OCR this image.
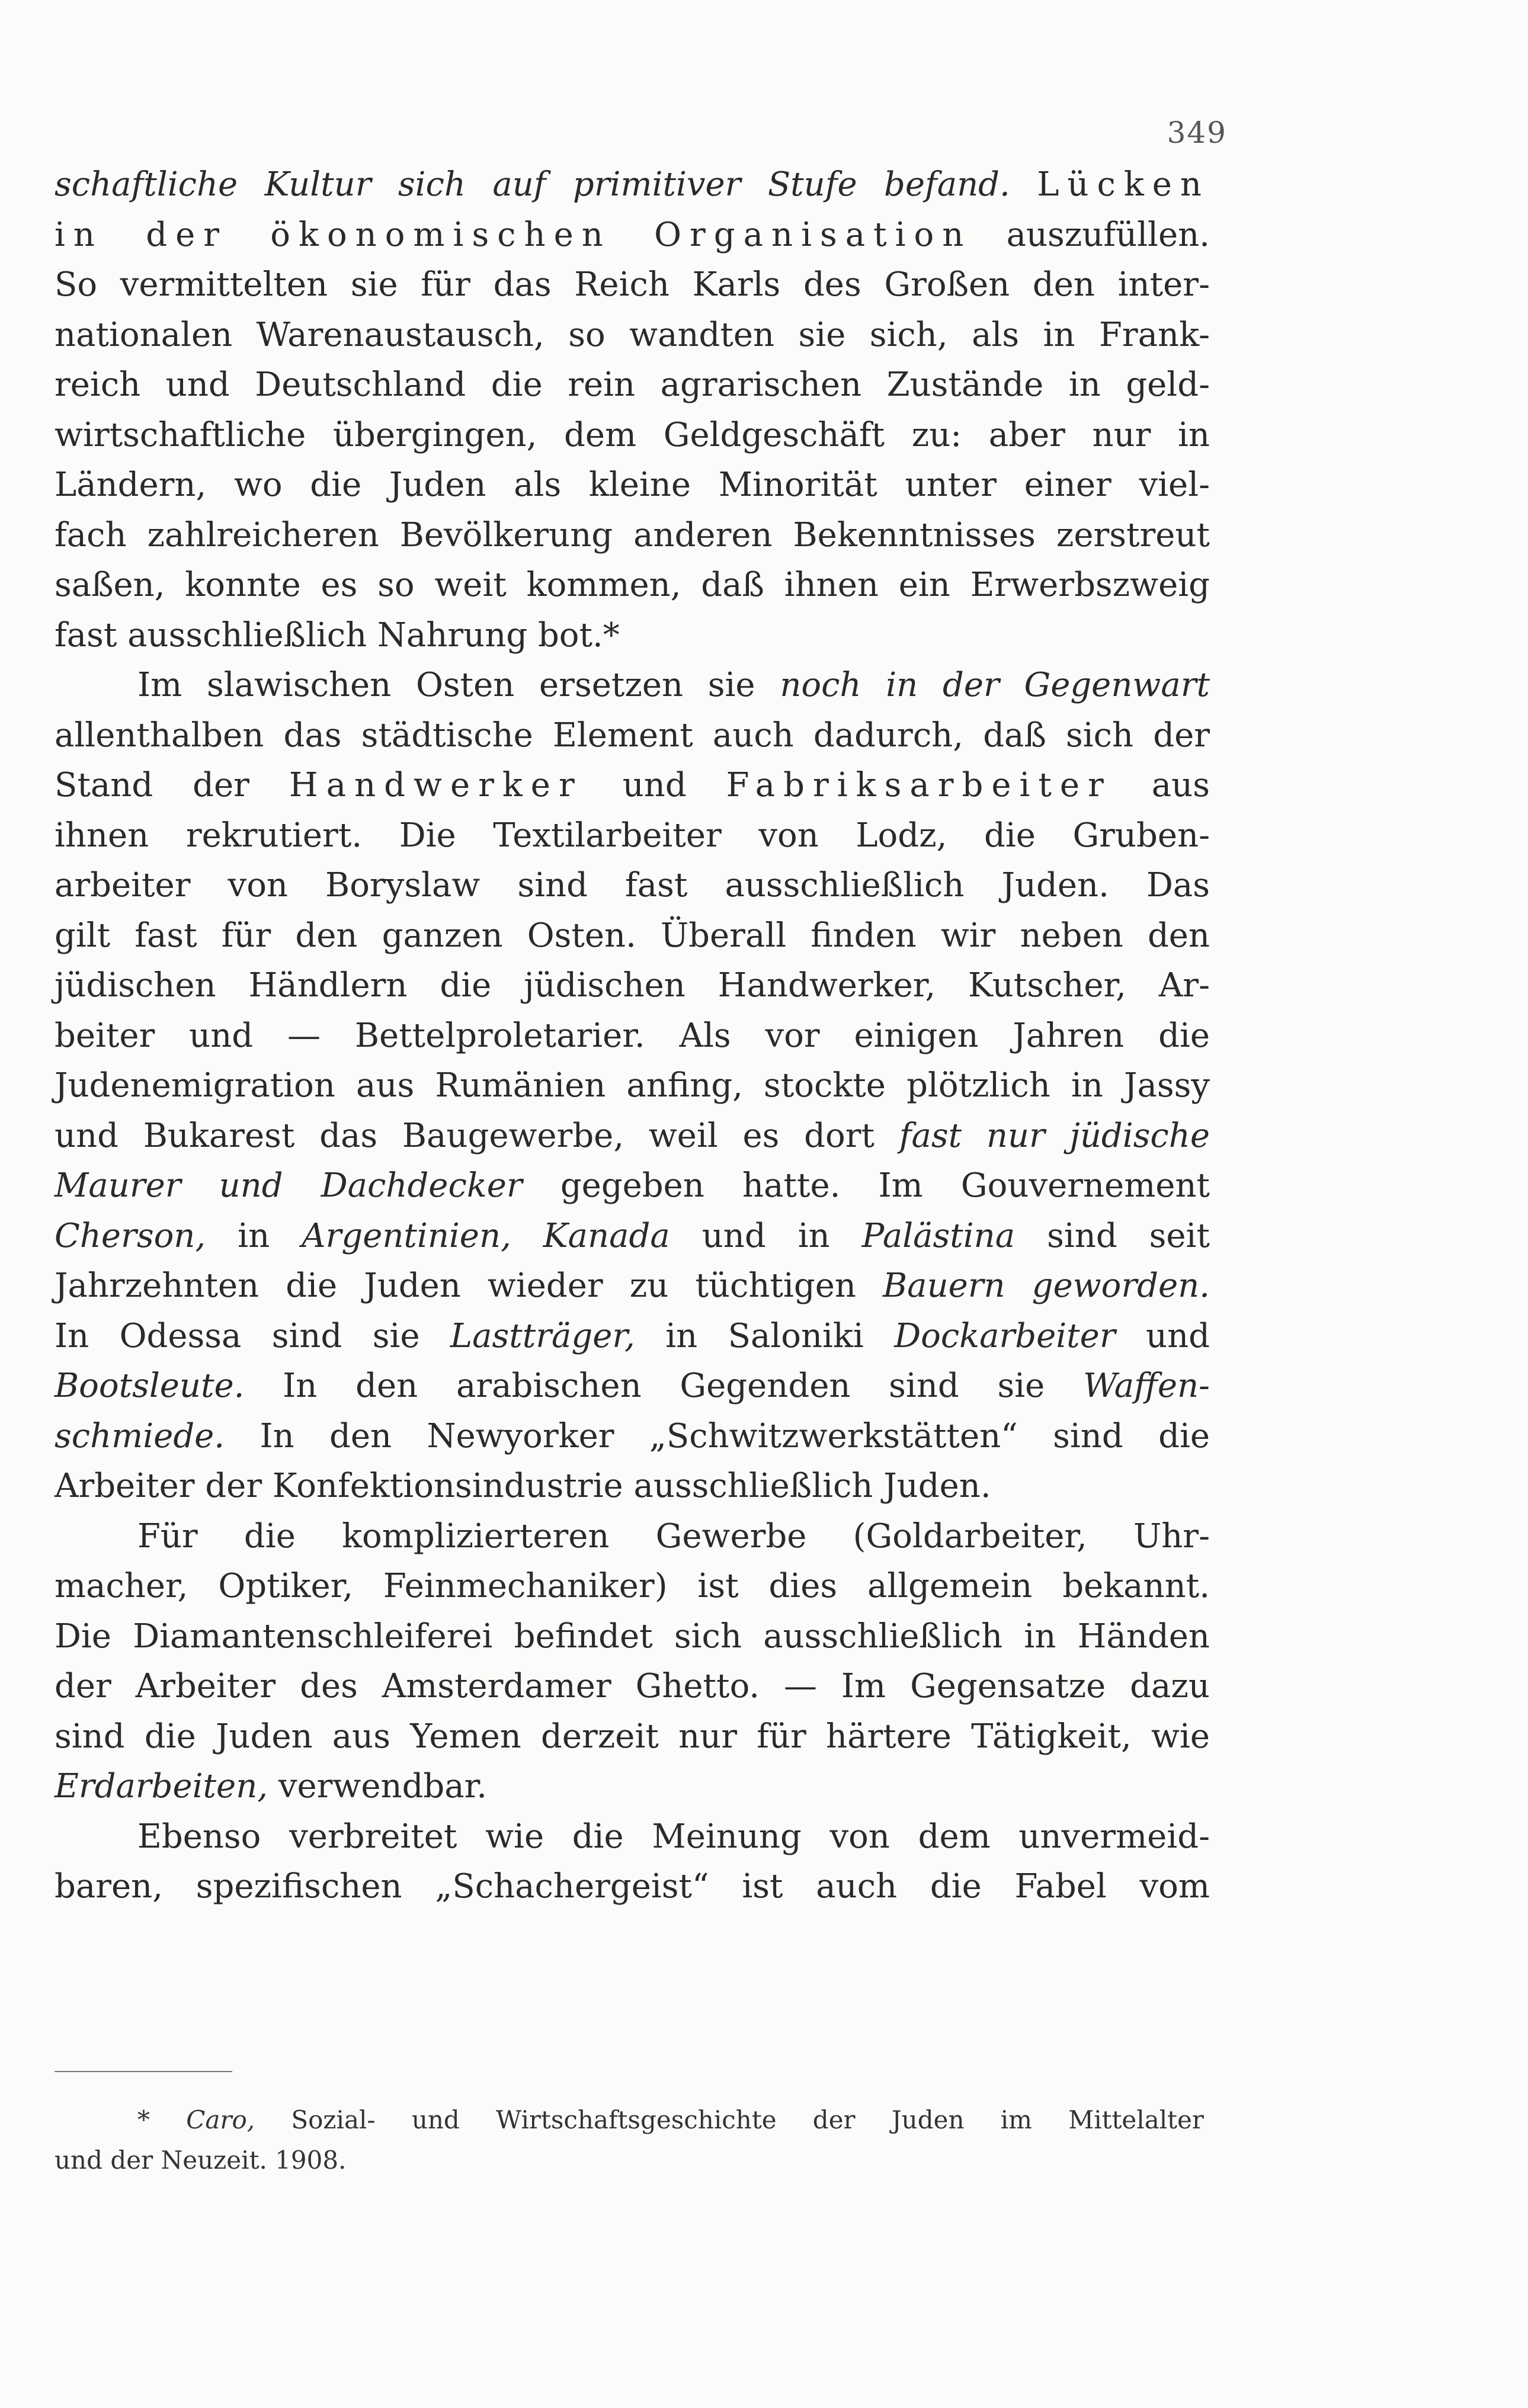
349
schaftliche Kultur sich auf primitiver Stufe befand. Lücken
in der ökonomischen Organisation auszufüllen.
So vermittelten sie für das Reich Karls des Großen den inter-
nationalen Warenaustausch, so wandten sie sich, als in Frank-
reich und Deutschland die rein agrarischen Zustände in geld-
wirtschaftliche übergingen, dem Geldgeschäft zu: aber nur in
Ländern, wo die Juden als kleine Minorität unter einer viel-
fach zahlreicheren Bevölkerung anderen Bekenntnisses zerstreut
saßen, konnte es so weit kommen, daß ihnen ein Erwerbszweig
fast ausschließlich Nahrung bot.*
Im slawischen Osten ersetzen sie noch in der Gegenwart
allenthalben das städtische Element auch dadurch, daß sich der
Stand der Handwerker und Fabriksarbeiter aus
ihnen rekrutiert. Die Textilarbeiter von Lodz, die Gruben-
arbeiter von Boryslaw sind fast ausschließlich Juden. Das
gilt fast für den ganzen Osten. Überall finden wir neben den
jüdischen Händlern die jüdischen Handwerker, Kutscher, Ar-
beiter und — Bettelproletarier. Als vor einigen Jahren die
Judenemigration aus Rumänien anfing, stockte plötzlich in Jassy
und Bukarest das Baugewerbe, weil es dort fast nur jüdische
Maurer und Dachdecker gegeben hatte. Im Gouvernement
Cherson, in Argentinien, Kanada und in Palästina sind seit
Jahrzehnten die Juden wieder zu tüchtigen Bauern geworden.
In Odessa sind sie Lastträger, in Saloniki Dockarbeiter und
Bootsleute. In den arabischen Gegenden sind sie Waffen-
schmiede. In den Newyorker „Schwitzwerkstätten“ sind die
Arbeiter der Konfektionsindustrie ausschließlich Juden.
Für die komplizierteren Gewerbe (Goldarbeiter, Uhr-
macher, Optiker, Feinmechaniker) ist dies allgemein bekannt.
Die Diamantenschleiferei befindet sich ausschließlich in Händen
der Arbeiter des Amsterdamer Ghetto. — Im Gegensatze dazu
sind die Juden aus Yemen derzeit nur für härtere Tätigkeit, wie
Erdarbeiten, verwendbar.
Ebenso verbreitet wie die Meinung von dem unvermeid-
baren, spezifischen „Schachergeist“ ist auch die Fabel vom
* Caro, Sozial- und Wirtschaftsgeschichte der Juden im Mittelalter
und der Neuzeit. 1908.
